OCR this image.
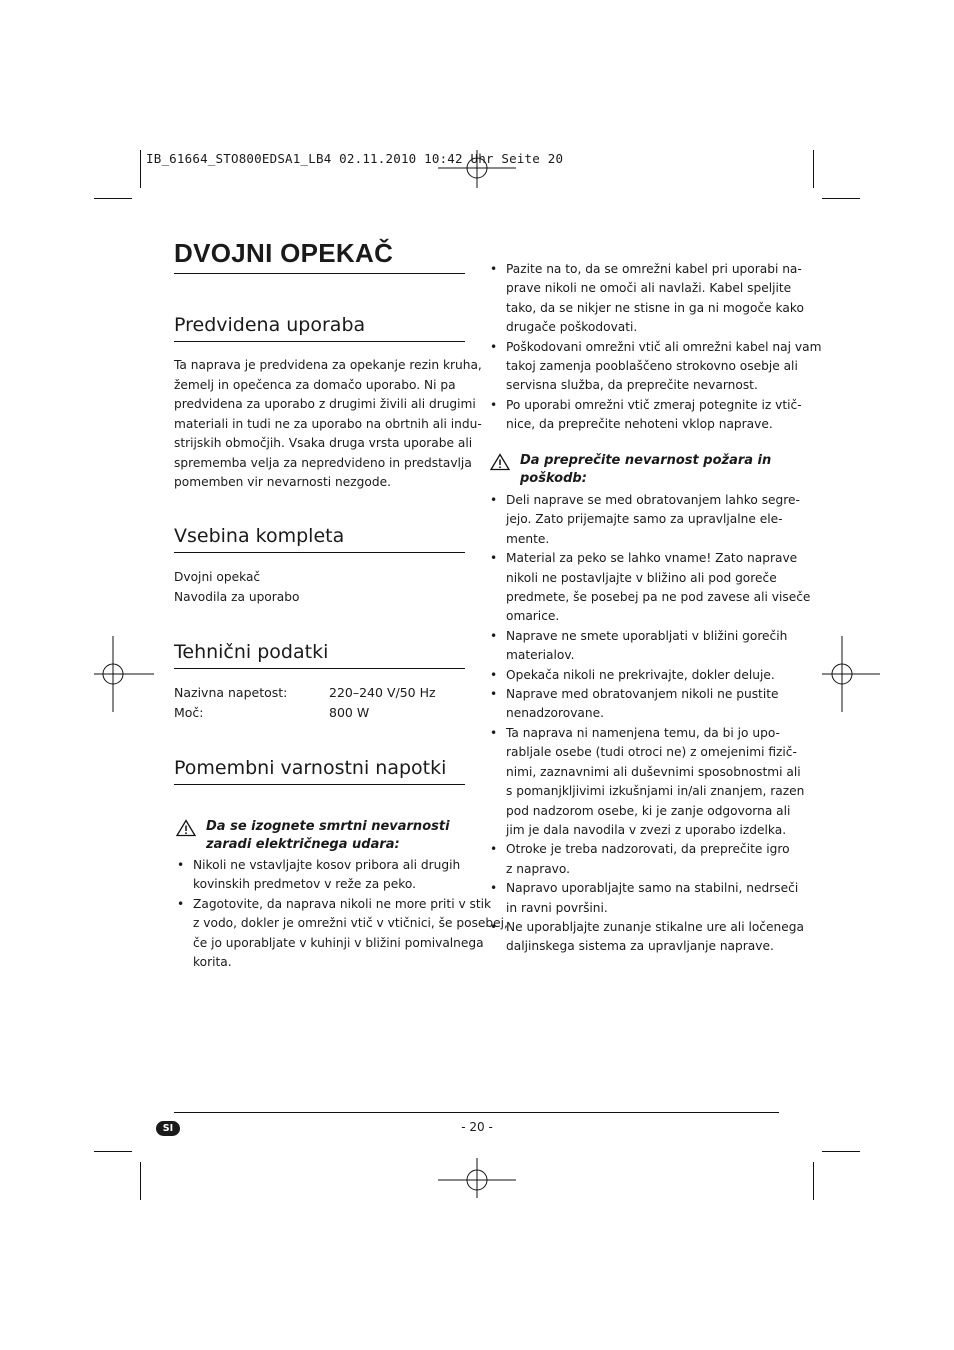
IB_61664_STO800EDSA1_LB4 02.11.2010 10:42 Uhr Seite 20
DVOJNI OPEKAČ
Predvidena uporaba
Ta naprava je predvidena za opekanje rezin kruha,
žemelj in opečenca za domačo uporabo. Ni pa
predvidena za uporabo z drugimi živili ali drugimi
materiali in tudi ne za uporabo na obrtnih ali indu-
strijskih območjih. Vsaka druga vrsta uporabe ali
sprememba velja za nepredvideno in predstavlja
pomemben vir nevarnosti nezgode.
Vsebina kompleta
Dvojni opekač
Navodila za uporabo
Tehnični podatki
Nazivna napetost:	220–240 V/50 Hz
Moč:	800 W
Pomembni varnostni napotki
Da se izognete smrtni nevarnosti
zaradi električnega udara:
• Nikoli ne vstavljajte kosov pribora ali drugih
kovinskih predmetov v reže za peko.
• Zagotovite, da naprava nikoli ne more priti v stik
z vodo, dokler je omrežni vtič v vtičnici, še posebej,
če jo uporabljate v kuhinji v bližini pomivalnega
korita.
• Pazite na to, da se omrežni kabel pri uporabi na-
prave nikoli ne omoči ali navlaži. Kabel speljite
tako, da se nikjer ne stisne in ga ni mogoče kako
drugače poškodovati.
• Poškodovani omrežni vtič ali omrežni kabel naj vam
takoj zamenja pooblaščeno strokovno osebje ali
servisna služba, da preprečite nevarnost.
• Po uporabi omrežni vtič zmeraj potegnite iz vtič-
nice, da preprečite nehoteni vklop naprave.
Da preprečite nevarnost požara in
poškodb:
• Deli naprave se med obratovanjem lahko segre-
jejo. Zato prijemajte samo za upravljalne ele-
mente.
• Material za peko se lahko vname! Zato naprave
nikoli ne postavljajte v bližino ali pod goreče
predmete, še posebej pa ne pod zavese ali viseče
omarice.
• Naprave ne smete uporabljati v bližini gorečih
materialov.
• Opekača nikoli ne prekrivajte, dokler deluje.
• Naprave med obratovanjem nikoli ne pustite
nenadzorovane.
• Ta naprava ni namenjena temu, da bi jo upo-
rabljale osebe (tudi otroci ne) z omejenimi fizič-
nimi, zaznavnimi ali duševnimi sposobnostmi ali
s pomanjkljivimi izkušnjami in/ali znanjem, razen
pod nadzorom osebe, ki je zanje odgovorna ali
jim je dala navodila v zvezi z uporabo izdelka.
• Otroke je treba nadzorovati, da preprečite igro
z napravo.
• Napravo uporabljajte samo na stabilni, nedrseči
in ravni površini.
• Ne uporabljajte zunanje stikalne ure ali ločenega
daljinskega sistema za upravljanje naprave.
SI	- 20 -
